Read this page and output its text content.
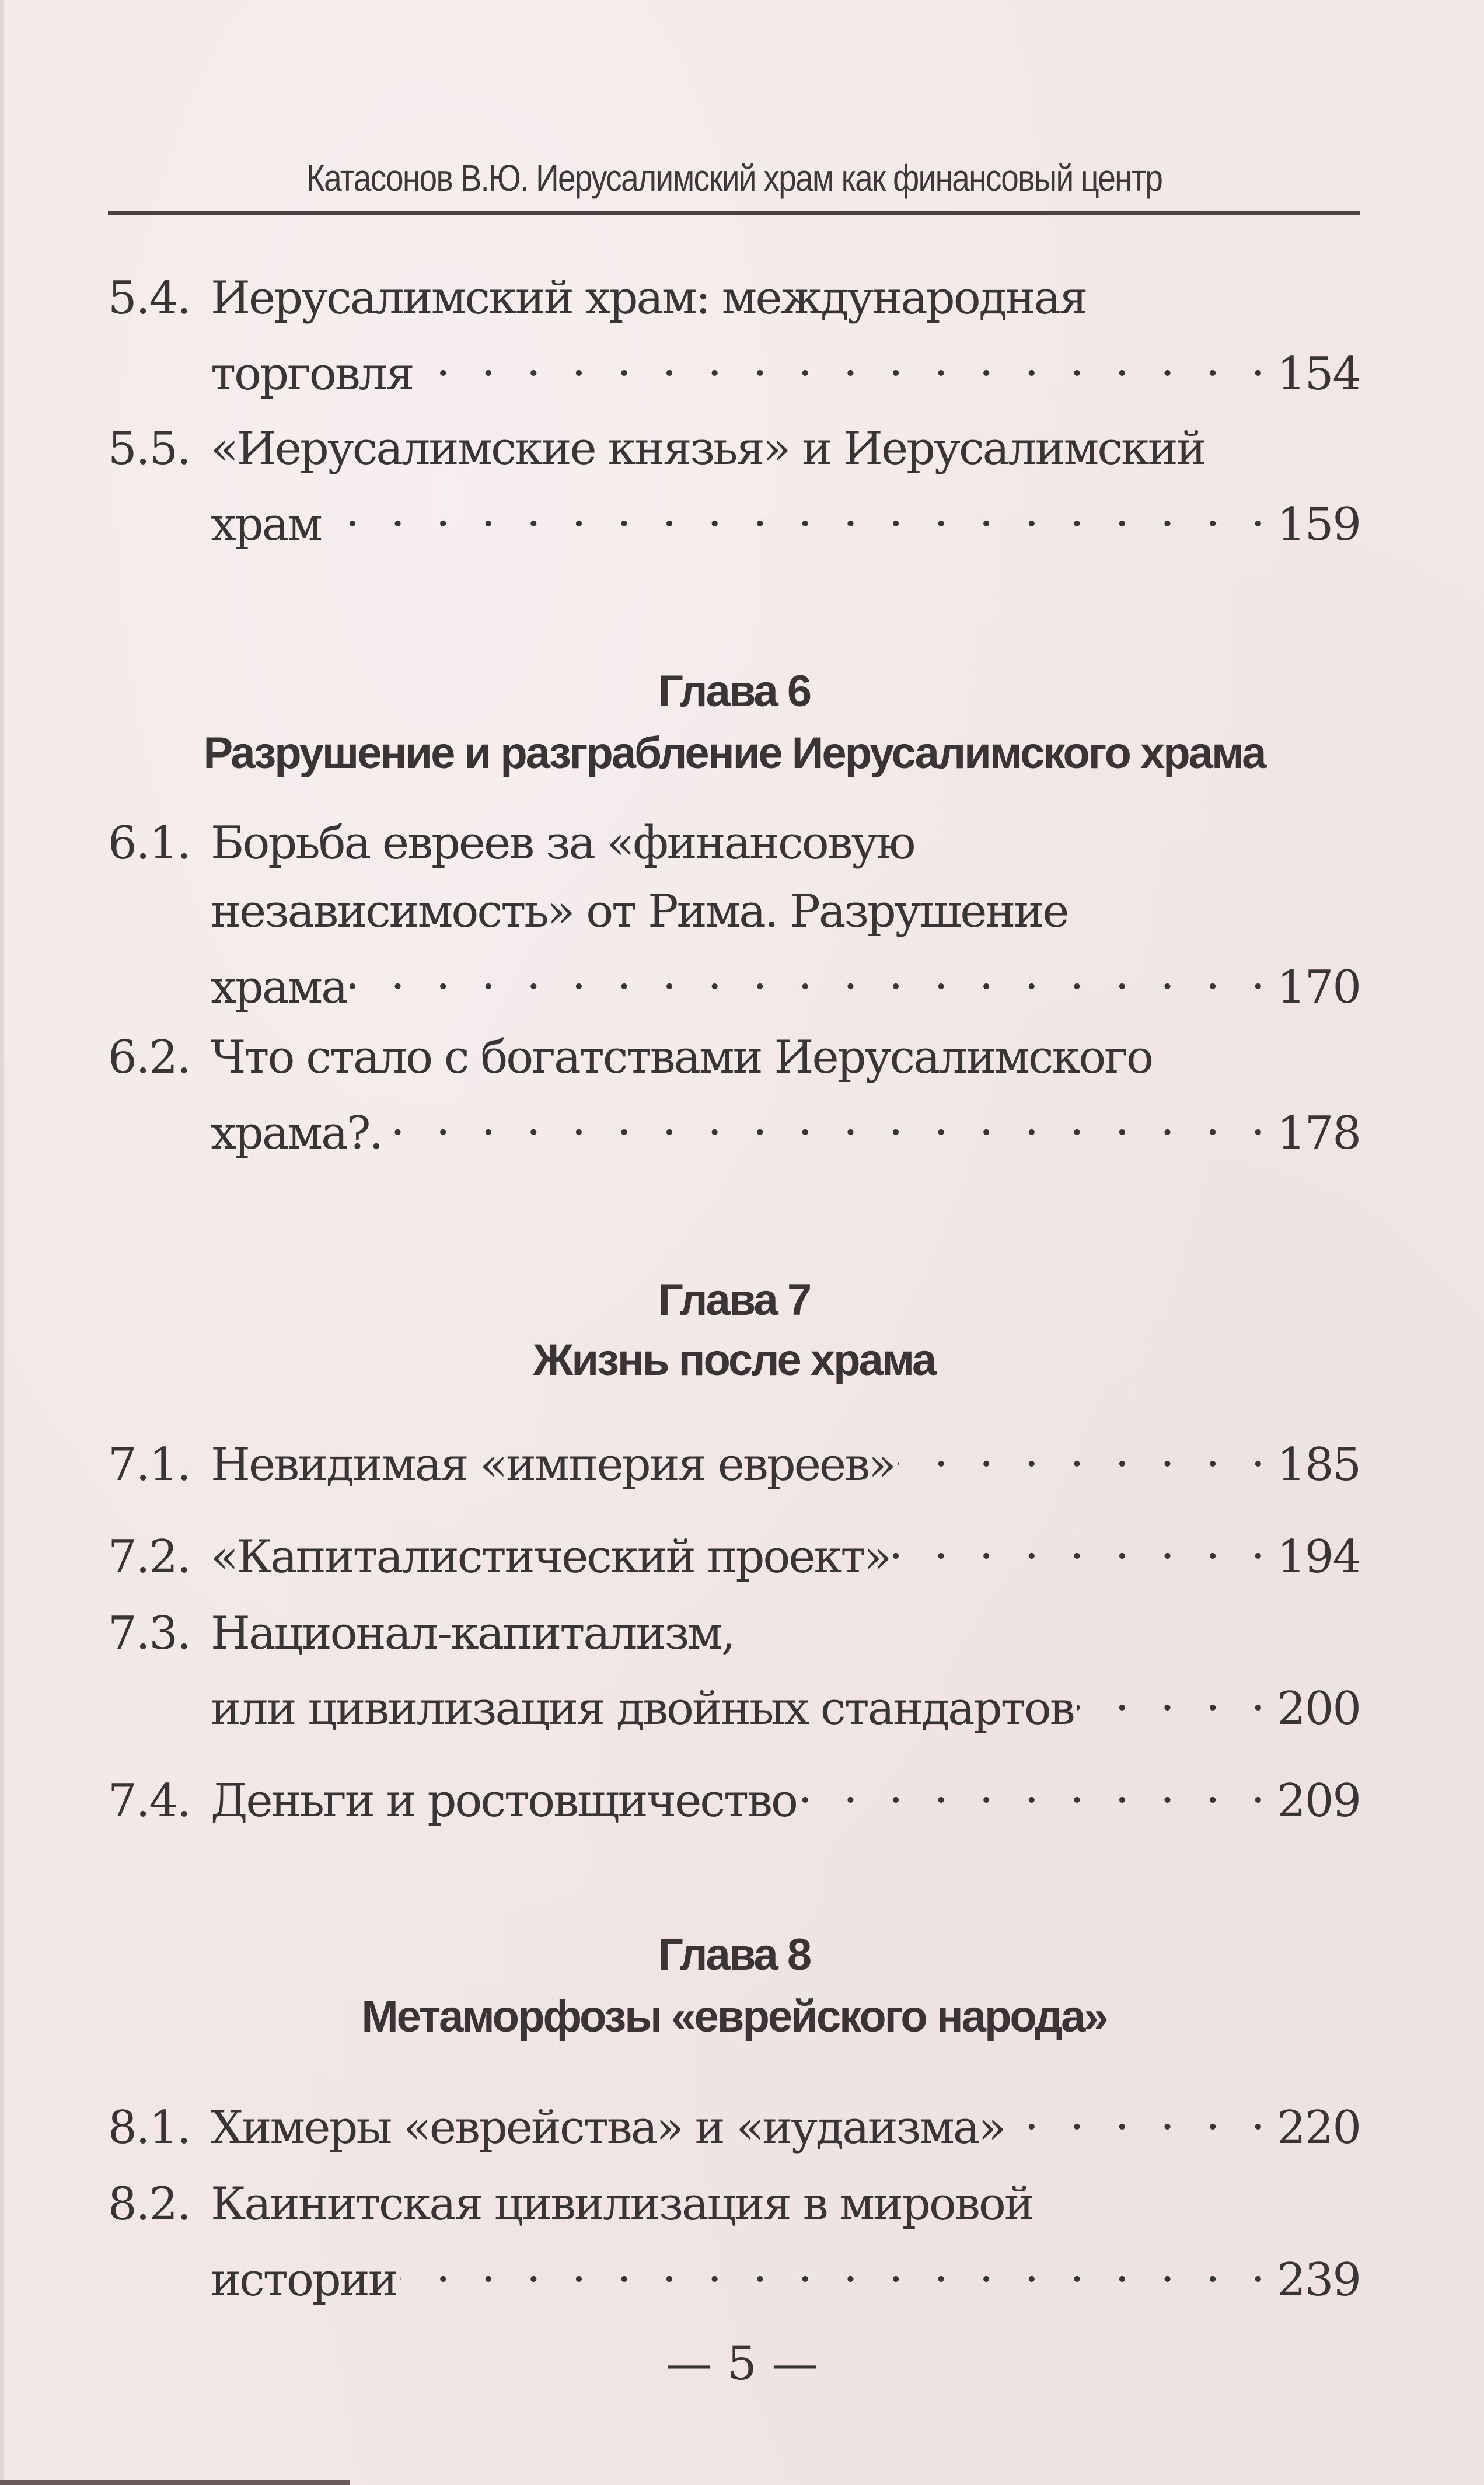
Катасонов В.Ю. Иерусалимский храм как финансовый центр
5.4. Иерусалимский храм: международная
торговля . . .	154
5.5. «Иерусалимские князья» и Иерусалимский
храм . . .	159
Глава 6
Разрушение и разграбление Иерусалимского храма
6.1. Борьба евреев за «финансовую
независимость» от Рима. Разрушение
храма . . .	170
6.2. Что стало с богатствами Иерусалимского
храма?. . . .	178
Глава 7
Жизнь после храма
7.1. Невидимая «империя евреев» . . .	185
7.2. «Капиталистический проект» . . .	194
7.3. Национал-капитализм,
или цивилизация двойных стандартов . . .	200
7.4. Деньги и ростовщичество . . .	209
Глава 8
Метаморфозы «еврейского народа»
8.1. Химеры «еврейства» и «иудаизма» . . .	220
8.2. Каинитская цивилизация в мировой
истории . . .	239
— 5 —
